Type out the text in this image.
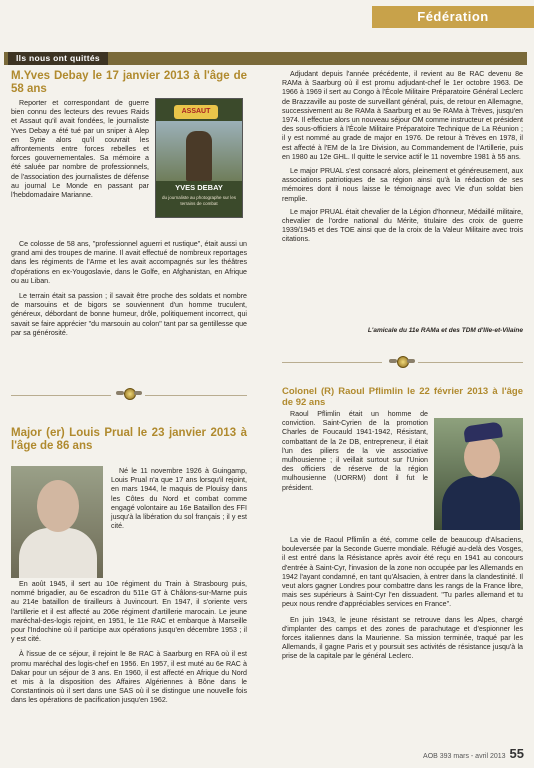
Fédération
Ils nous ont quittés
M.Yves Debay le 17 janvier 2013 à l'âge de 58 ans

Reporter et correspondant de guerre bien connu des lecteurs des revues Raids et Assaut qu'il avait fondées, le journaliste Yves Debay a été tué par un sniper à Alep en Syrie alors qu'il couvrait les affrontements entre forces rebelles et forces gouvernementales. Sa mémoire a été saluée par nombre de professionnels, de l'association des journalistes de défense au journal Le Monde en passant par l'hebdomadaire Marianne.

ASSAUT
YVES DEBAY
du journaliste au photographe sur les terrains de combat

Ce colosse de 58 ans, "professionnel aguerri et rustique", était aussi un grand ami des troupes de marine. Il avait effectué de nombreux reportages dans les régiments de l'Arme et les avait accompagnés sur les théâtres d'opérations en ex-Yougoslavie, dans le Golfe, en Afghanistan, en Afrique ou au Liban.

Le terrain était sa passion ; il savait être proche des soldats et nombre de marsouins et de bigors se souviennent d'un homme truculent, généreux, débordant de bonne humeur, drôle, politiquement incorrect, qui savait se faire apprécier "du marsouin au colon" tant par sa gentillesse que par sa générosité.

Major (er) Louis Prual le 23 janvier 2013 à l'âge de 86 ans

Né le 11 novembre 1926 à Guingamp, Louis Prual n'a que 17 ans lorsqu'il rejoint, en mars 1944, le maquis de Plouisy dans les Côtes du Nord et combat comme engagé volontaire au 16e Bataillon des FFI jusqu'à la libération du sol français ; il y est cité.

En août 1945, il sert au 10e régiment du Train à Strasbourg puis, nommé brigadier, au 6e escadron du 511e GT à Châlons-sur-Marne puis au 214e bataillon de tirailleurs à Juvincourt. En 1947, il s'oriente vers l'artillerie et il est affecté au 206e régiment d'artillerie marocain. Le jeune maréchal-des-logis rejoint, en 1951, le 11e RAC et embarque à Marseille pour l'Indochine où il participe aux opérations jusqu'en décembre 1953 ; il y est cité.

À l'issue de ce séjour, il rejoint le 8e RAC à Saarburg en RFA où il est promu maréchal des logis-chef en 1956. En 1957, il est muté au 6e RAC à Dakar pour un séjour de 3 ans. En 1960, il est affecté en Afrique du Nord et mis à la disposition des Affaires Algériennes à Bône dans le Constantinois où il sert dans une SAS où il se distingue une nouvelle fois dans les opérations de pacification jusqu'en 1962.

Adjudant depuis l'année précédente, il revient au 8e RAC devenu 8e RAMa à Saarburg où il est promu adjudant-chef le 1er octobre 1963. De 1966 à 1969 il sert au Congo à l'École Militaire Préparatoire Général Leclerc de Brazzaville au poste de surveillant général, puis, de retour en Allemagne, successivement au 8e RAMa à Saarburg et au 9e RAMa à Trèves, jusqu'en 1974. Il effectue alors un nouveau séjour OM comme instructeur et président des sous-officiers à l'École Militaire Préparatoire Technique de La Réunion ; il y est nommé au grade de major en 1976. De retour à Trèves en 1978, il est affecté à l'EM de la 1re Division, au Commandement de l'Artillerie, puis en 1980 au 12e GHL. Il quitte le service actif le 11 novembre 1981 à 55 ans.

Le major PRUAL s'est consacré alors, pleinement et généreusement, aux associations patriotiques de sa région ainsi qu'à la rédaction de ses mémoires dont il nous laisse le témoignage avec Vie d'un soldat bien remplie.

Le major PRUAL était chevalier de la Légion d'honneur, Médaillé militaire, chevalier de l'ordre national du Mérite, titulaire des croix de guerre 1939/1945 et des TOE ainsi que de la croix de la Valeur Militaire avec trois citations.

L'amicale du 11e RAMa et des TDM d'Ille-et-Vilaine
Colonel (R) Raoul Pflimlin le 22 février 2013 à l'âge de 92 ans

Raoul Pflimlin était un homme de conviction. Saint-Cyrien de la promotion Charles de Foucauld 1941-1942, Résistant, combattant de la 2e DB, entrepreneur, il était l'un des piliers de la vie associative mulhousienne ; il veillait surtout sur l'Union des officiers de réserve de la région mulhousienne (UORRM) dont il fut le président.

La vie de Raoul Pflimlin a été, comme celle de beaucoup d'Alsaciens, bouleversée par la Seconde Guerre mondiale. Réfugié au-delà des Vosges, il est entré dans la Résistance après avoir été reçu en 1941 au concours d'entrée à Saint-Cyr, l'invasion de la zone non occupée par les Allemands en 1942 l'ayant condamné, en tant qu'Alsacien, à entrer dans la clandestinité. Il veut alors gagner Londres pour combattre dans les rangs de la France libre, mais ses supérieurs à Saint-Cyr l'en dissuadent. "Tu parles allemand et tu peux nous rendre d'appréciables services en France".

En juin 1943, le jeune résistant se retrouve dans les Alpes, chargé d'implanter des camps et des zones de parachutage et d'espionner les forces italiennes dans la Maurienne. Sa mission terminée, traqué par les Allemands, il gagne Paris et y poursuit ses activités de résistance jusqu'à la prise de la capitale par le général Leclerc.

AOB 393 mars - avril 2013 55
